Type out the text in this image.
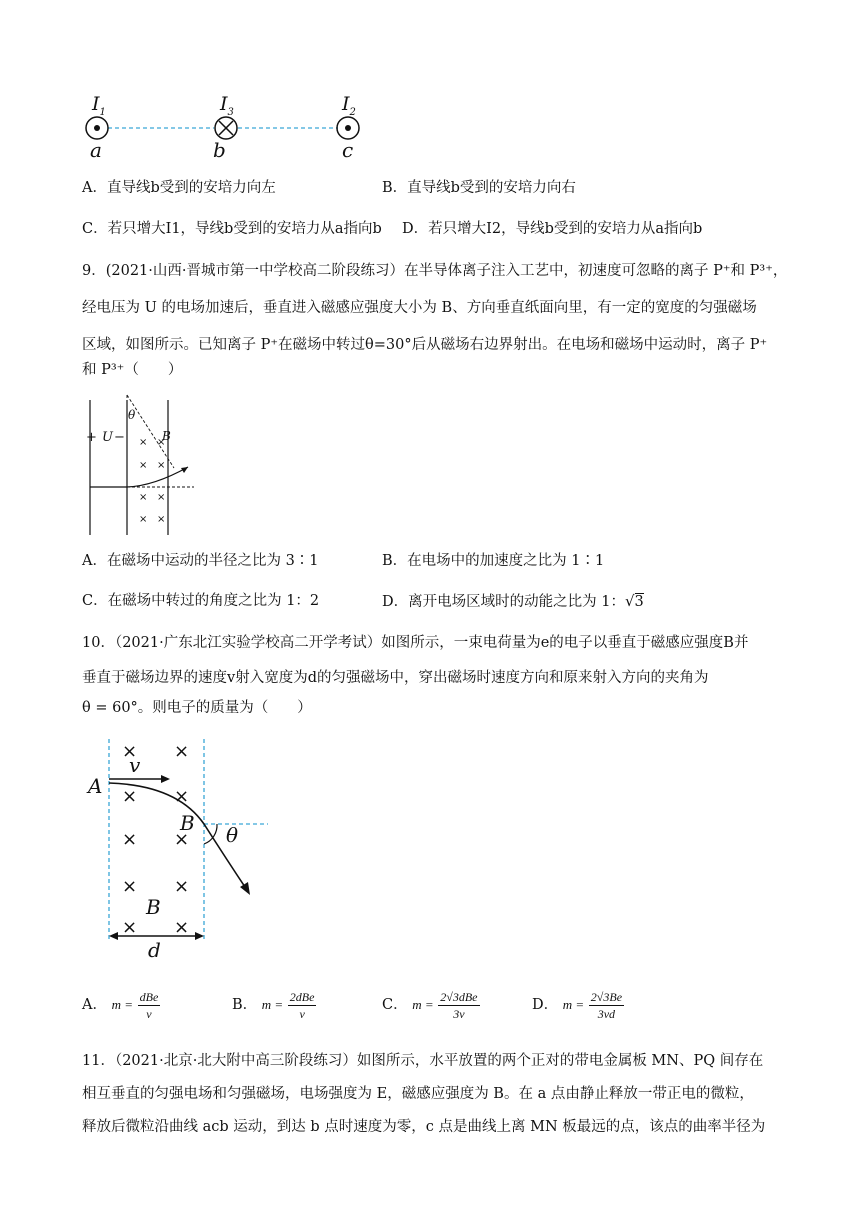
$I_1$	$I_3$	$I_2$
a	b	c
A．直导线b受到的安培力向左	B．直导线b受到的安培力向右
C．若只增大I1，导线b受到的安培力从a指向b D．若只增大I2，导线b受到的安培力从a指向b
9．(2021·山西·晋城市第一中学校高二阶段练习）在半导体离子注入工艺中，初速度可忽略的离子 P⁺和 P³⁺，
经电压为 U 的电场加速后，垂直进入磁感应强度大小为 B、方向垂直纸面向里，有一定的宽度的匀强磁场
区域，如图所示。已知离子 P⁺在磁场中转过θ=30°后从磁场右边界射出。在电场和磁场中运动时，离子 P⁺
和 P³⁺（　　）
× ×
× ×
× ×
× ×
+ U −
θ
B
A．在磁场中运动的半径之比为 3∶1	B．在电场中的加速度之比为 1∶1
C．在磁场中转过的角度之比为 1：2	D．离开电场区域时的动能之比为 1：√3
10．（2021·广东北江实验学校高二开学考试）如图所示，一束电荷量为e的电子以垂直于磁感应强度B并
垂直于磁场边界的速度v射入宽度为d的匀强磁场中，穿出磁场时速度方向和原来射入方向的夹角为
θ = 60°。则电子的质量为（　　）
× ×
× ×
× ×
× ×
× ×
A
v
B θ
B
d
A． $m = \frac{\text{dBe}}{v}$	B． $m = \frac{\text{2dBe}}{v}$	C． $m = \frac{\text{2√3dBe}}{3v}$	D． $m = \frac{2√3Be}{3vd}$
11．（2021·北京·北大附中高三阶段练习）如图所示，水平放置的两个正对的带电金属板 MN、PQ 间存在
相互垂直的匀强电场和匀强磁场，电场强度为 E，磁感应强度为 B。在 a 点由静止释放一带正电的微粒，
释放后微粒沿曲线 acb 运动，到达 b 点时速度为零，c 点是曲线上离 MN 板最远的点，该点的曲率半径为
